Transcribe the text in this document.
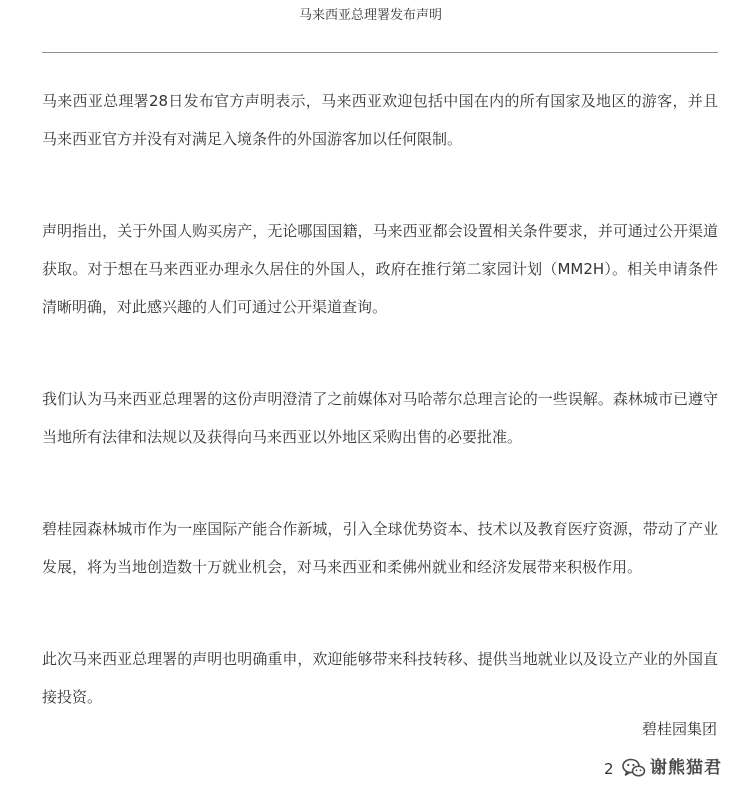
马来西亚总理署发布声明

马来西亚总理署28日发布官方声明表示，马来西亚欢迎包括中国在内的所有国家及地区的游客，并且马来西亚官方并没有对满足入境条件的外国游客加以任何限制。

声明指出，关于外国人购买房产，无论哪国国籍，马来西亚都会设置相关条件要求，并可通过公开渠道获取。对于想在马来西亚办理永久居住的外国人，政府在推行第二家园计划（MM2H）。相关申请条件清晰明确，对此感兴趣的人们可通过公开渠道查询。

我们认为马来西亚总理署的这份声明澄清了之前媒体对马哈蒂尔总理言论的一些误解。森林城市已遵守当地所有法律和法规以及获得向马来西亚以外地区采购出售的必要批准。

碧桂园森林城市作为一座国际产能合作新城，引入全球优势资本、技术以及教育医疗资源，带动了产业发展，将为当地创造数十万就业机会，对马来西亚和柔佛州就业和经济发展带来积极作用。

此次马来西亚总理署的声明也明确重申，欢迎能够带来科技转移、提供当地就业以及设立产业的外国直接投资。

碧桂园集团
2 谢熊猫君
